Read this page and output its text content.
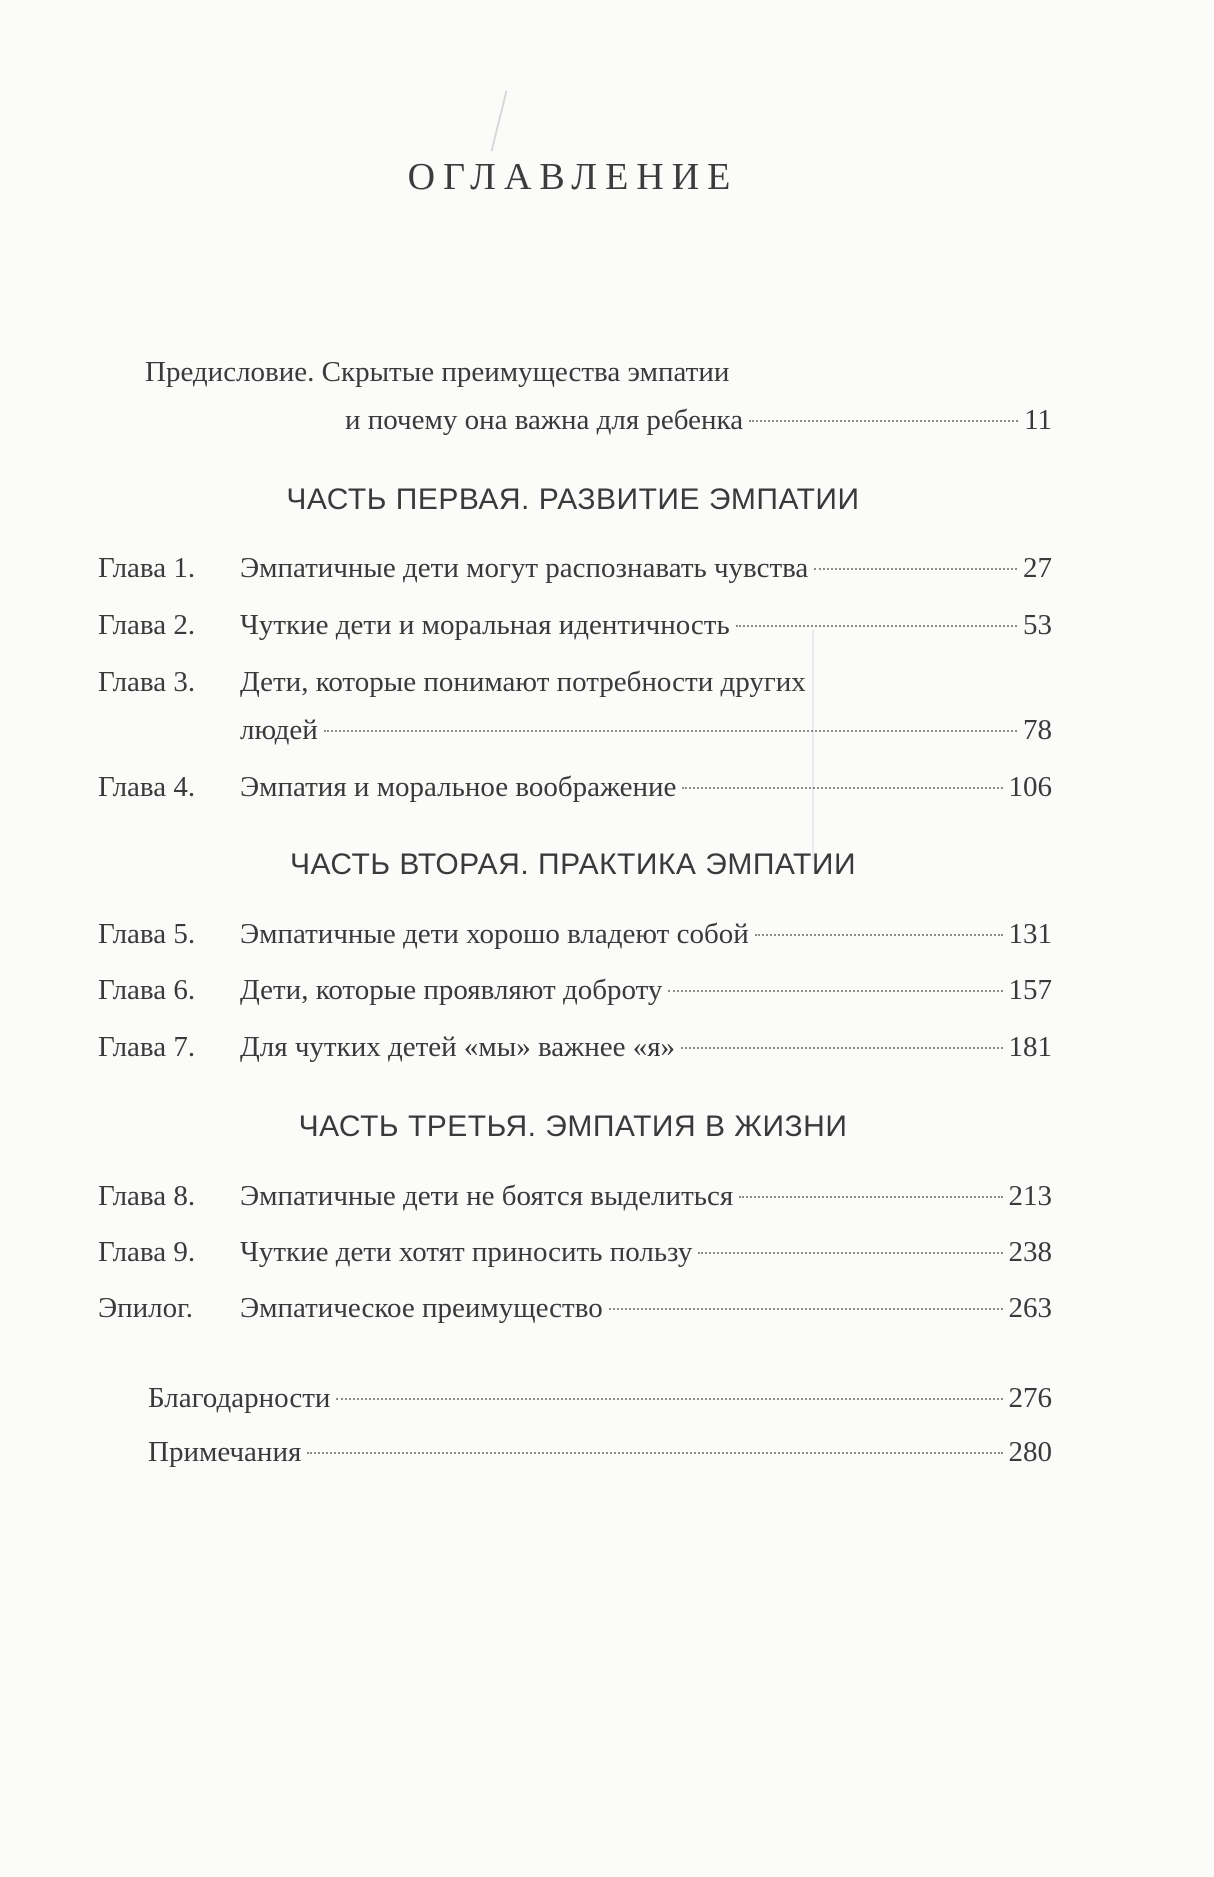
ОГЛАВЛЕНИЕ
Предисловие. Скрытые преимущества эмпатии
и почему она важна для ребенка	11
ЧАСТЬ ПЕРВАЯ. РАЗВИТИЕ ЭМПАТИИ
Глава 1. Эмпатичные дети могут распознавать чувства	27
Глава 2. Чуткие дети и моральная идентичность	53
Глава 3. Дети, которые понимают потребности других
людей	78
Глава 4. Эмпатия и моральное воображение	106
ЧАСТЬ ВТОРАЯ. ПРАКТИКА ЭМПАТИИ
Глава 5. Эмпатичные дети хорошо владеют собой	131
Глава 6. Дети, которые проявляют доброту	157
Глава 7. Для чутких детей «мы» важнее «я»	181
ЧАСТЬ ТРЕТЬЯ. ЭМПАТИЯ В ЖИЗНИ
Глава 8. Эмпатичные дети не боятся выделиться	213
Глава 9. Чуткие дети хотят приносить пользу	238
Эпилог. Эмпатическое преимущество	263
Благодарности	276
Примечания	280
